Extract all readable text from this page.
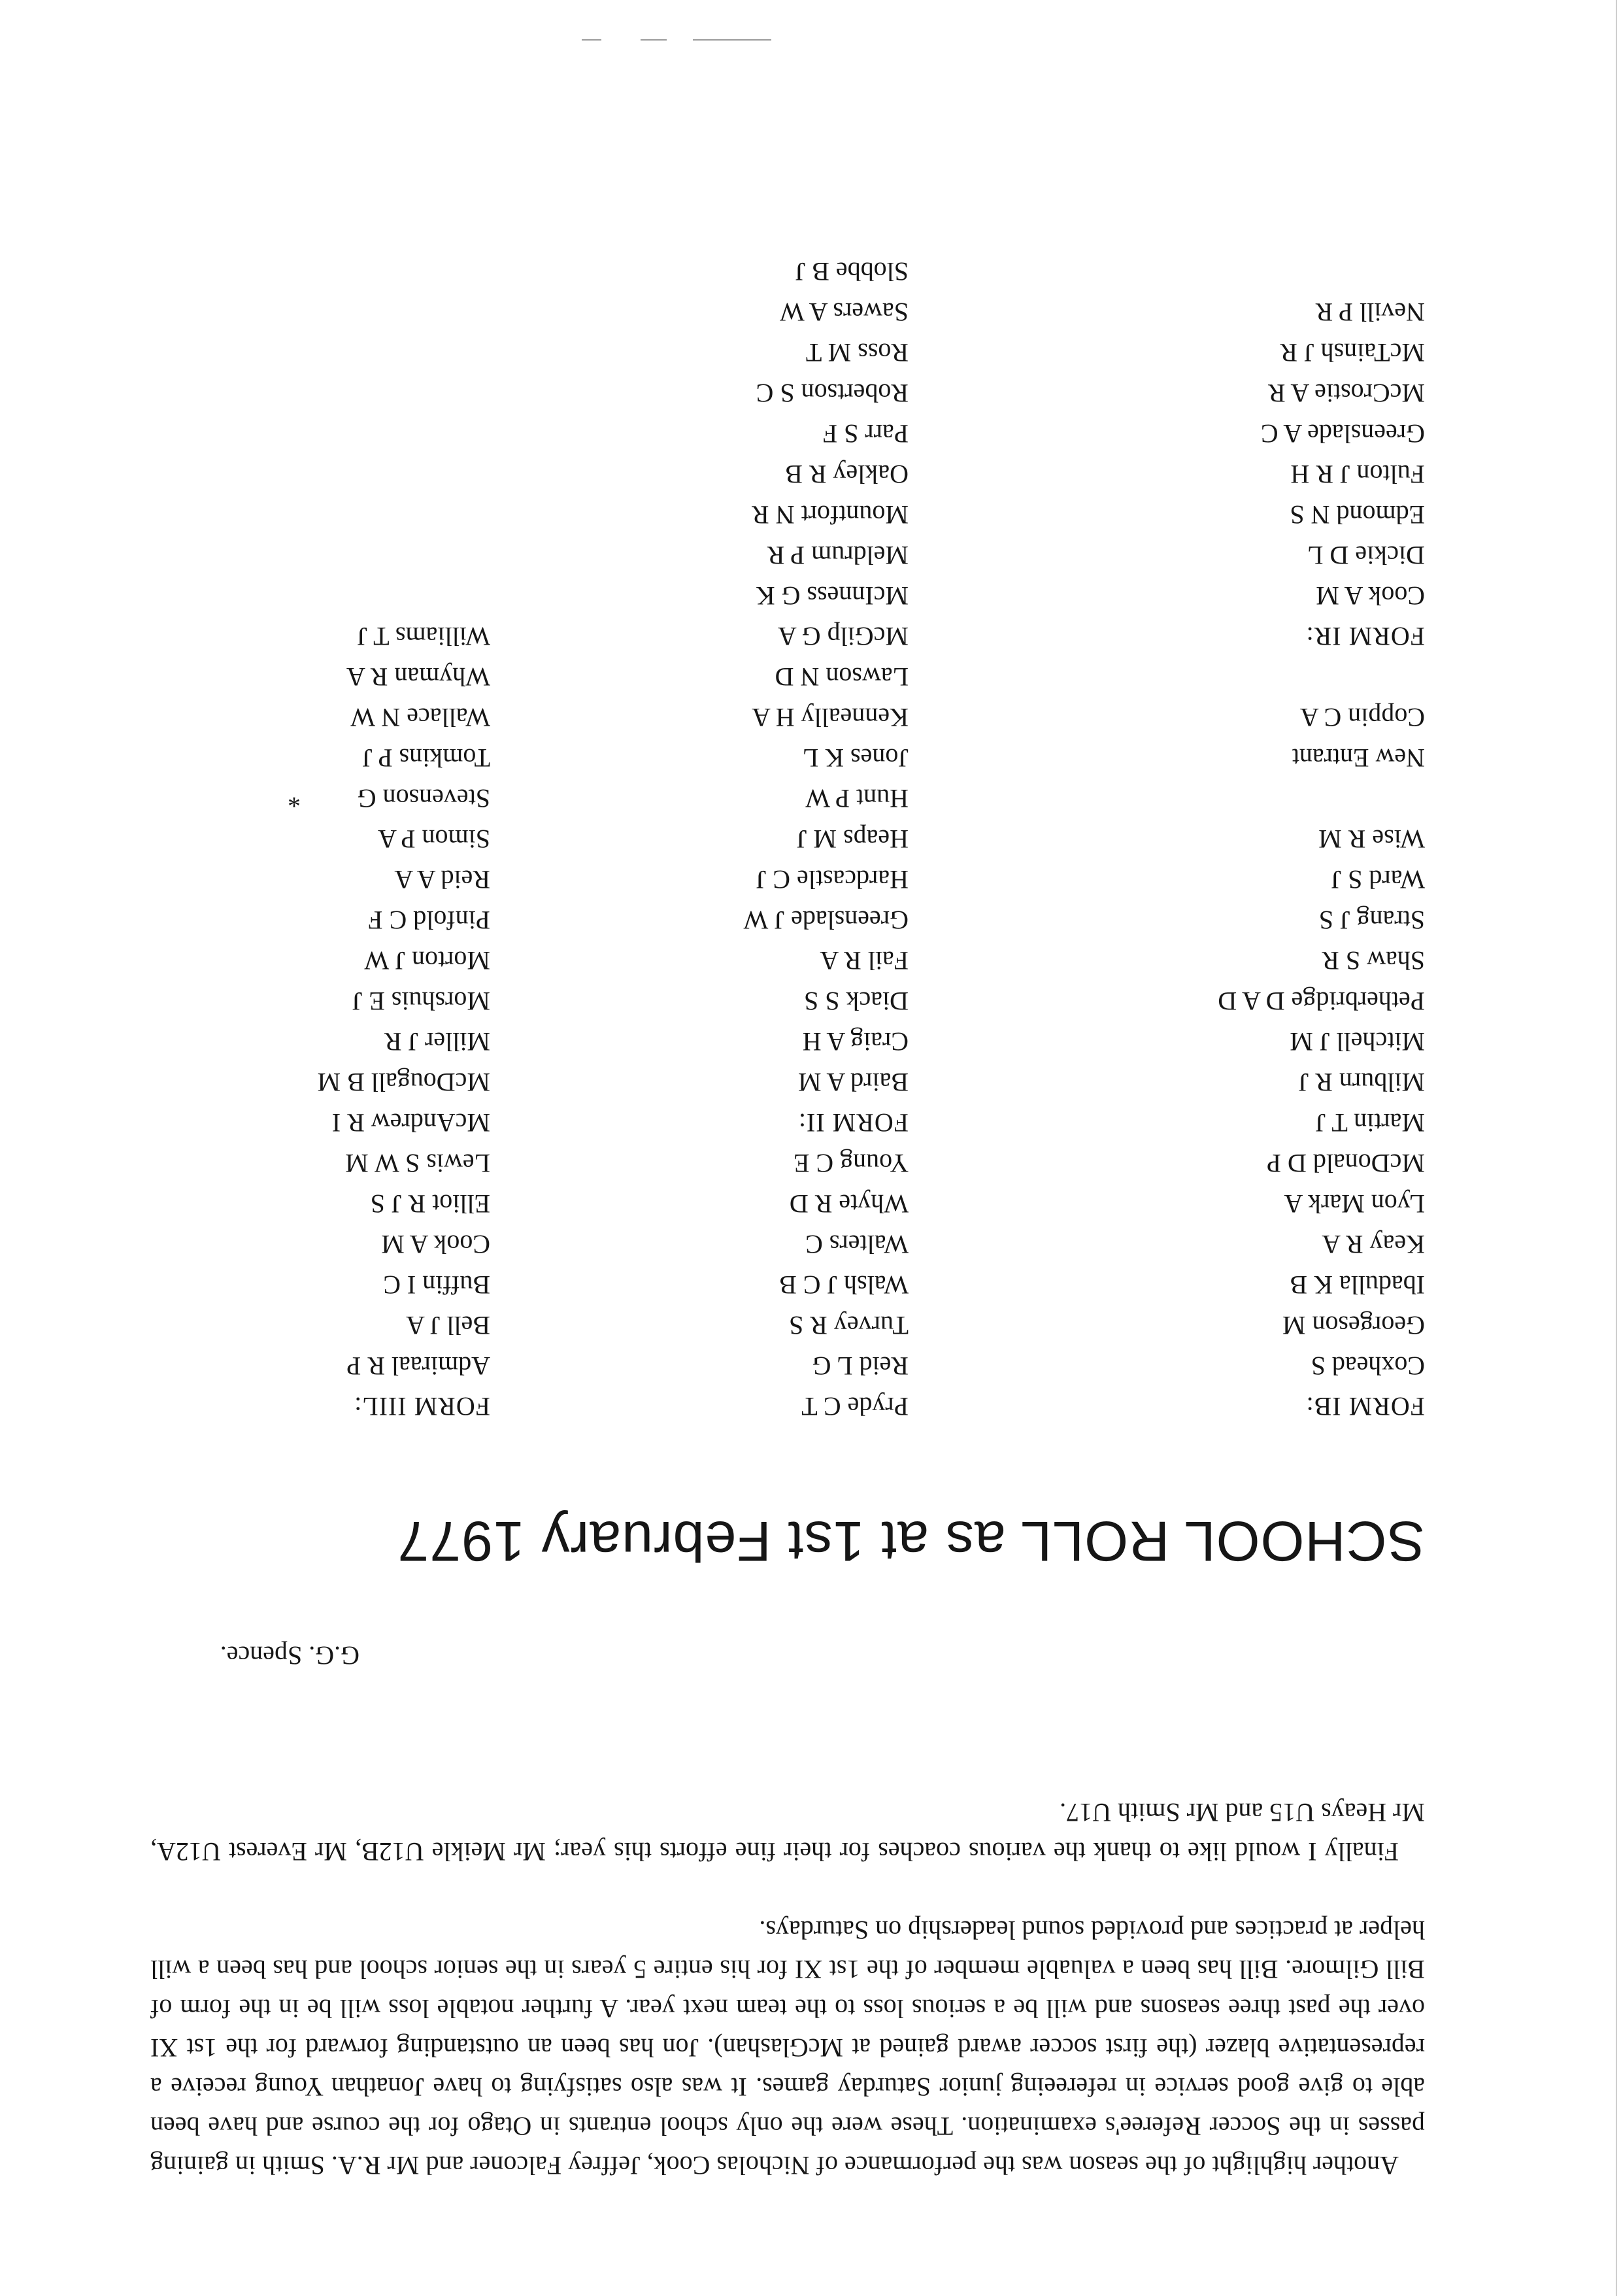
Another highlight of the season was the performance of Nicholas Cook, Jeffrey Falconer and Mr R.A. Smith in gaining passes in the Soccer Referee's examination. These were the only school entrants in Otago for the course and have been able to give good service in refereeing junior Saturday games. It was also satisfying to have Jonathan Young receive a representative blazer (the first soccer award gained at McGlashan). Jon has been an outstanding forward for the 1st XI over the past three seasons and will be a serious loss to the team next year. A further notable loss will be in the form of Bill Gilmore. Bill has been a valuable member of the 1st XI for his entire 5 years in the senior school and has been a will helper at practices and provided sound leadership on Saturdays.

Finally I would like to thank the various coaches for their fine efforts this year; Mr Meikle U12B, Mr Everest U12A, Mr Heays U15 and Mr Smith U17.

G.G. Spence.
SCHOOL ROLL as at 1st February 1977
FORM IB:
Coxhead S
Georgeson M
Ibadulla K B
Keay R A
Lyon Mark A
McDonald D P
Martin T J
Milburn R J
Mitchell J M
Petherbridge D A D
Shaw S R
Strang J S
Ward S J
Wise R M
*
New Entrant
Coppin C A
FORM IR:
Cook A M
Dickie D L
Edmond N S
Fulton J R H
Greenslade A C
McCrostie A R
McTainsh J R
Nevill P R
Pryde C T
Reid L G
Turvey R S
Walsh J C B
Walters C
Whyte R D
Young C E
FORM II:
Baird A M
Craig A H
Diack S S
Fail R A
Greenslade J W
Hardcastle C J
Heaps M J
Hunt P W
Jones K L
Kenneally H A
Lawson N D
McGilp G A
McInness G K
Meldrum P R
Mountfort N R
Oakley R B
Parr S F
Robertson S C
Ross M T
Sawers A W
Slobbe B J
FORM IIIL:
Admiraal R P
Bell J A
Buffin I C
Cook A M
Elliot R J S
Lewis S W M
McAndrew R I
McDougall B M
Miller J R
Morshuis E J
Morton J W
Pinfold C F
Reid A A
Simon P A
Stevenson G
Tomkins P J
Wallace N W
Whyman R A
Williams T J
